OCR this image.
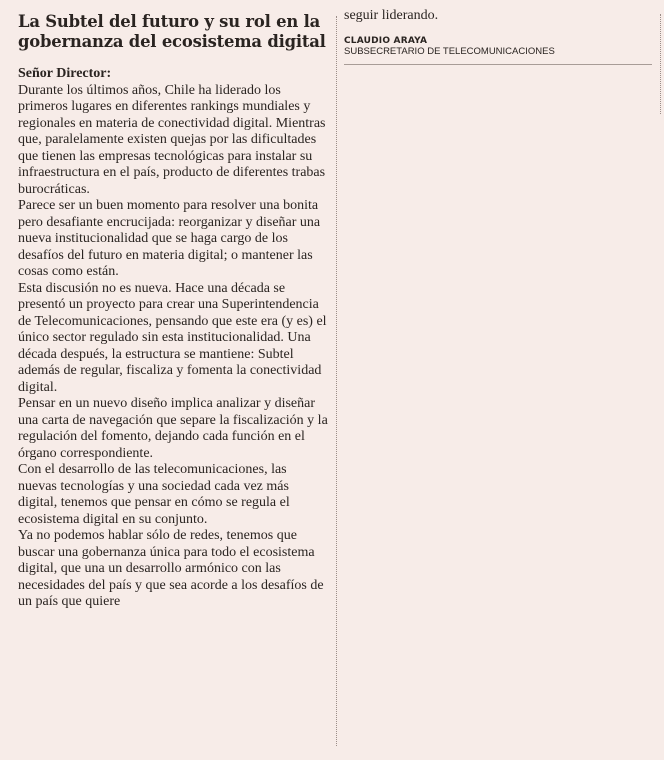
La Subtel del futuro y su rol en la gobernanza del ecosistema digital
Señor Director:

Durante los últimos años, Chile ha liderado los primeros lugares en diferentes rankings mundiales y regionales en materia de conectividad digital. Mientras que, paralelamente existen quejas por las dificultades que tienen las empresas tecnológicas para instalar su infraestructura en el país, producto de diferentes trabas burocráticas.

Parece ser un buen momento para resolver una bonita pero desafiante encrucijada: reorganizar y diseñar una nueva institucionalidad que se haga cargo de los desafíos del futuro en materia digital; o mantener las cosas como están.

Esta discusión no es nueva. Hace una década se presentó un proyecto para crear una Superintendencia de Telecomunicaciones, pensando que este era (y es) el único sector regulado sin esta institucionalidad. Una década después, la estructura se mantiene: Subtel además de regular, fiscaliza y fomenta la conectividad digital.

Pensar en un nuevo diseño implica analizar y diseñar una carta de navegación que separe la fiscalización y la regulación del fomento, dejando cada función en el órgano correspondiente.

Con el desarrollo de las telecomunicaciones, las nuevas tecnologías y una sociedad cada vez más digital, tenemos que pensar en cómo se regula el ecosistema digital en su conjunto.

Ya no podemos hablar sólo de redes, tenemos que buscar una gobernanza única para todo el ecosistema digital, que una un desarrollo armónico con las necesidades del país y que sea acorde a los desafíos de un país que quiere

seguir liderando.

CLAUDIO ARAYA
SUBSECRETARIO DE TELECOMUNICACIONES
